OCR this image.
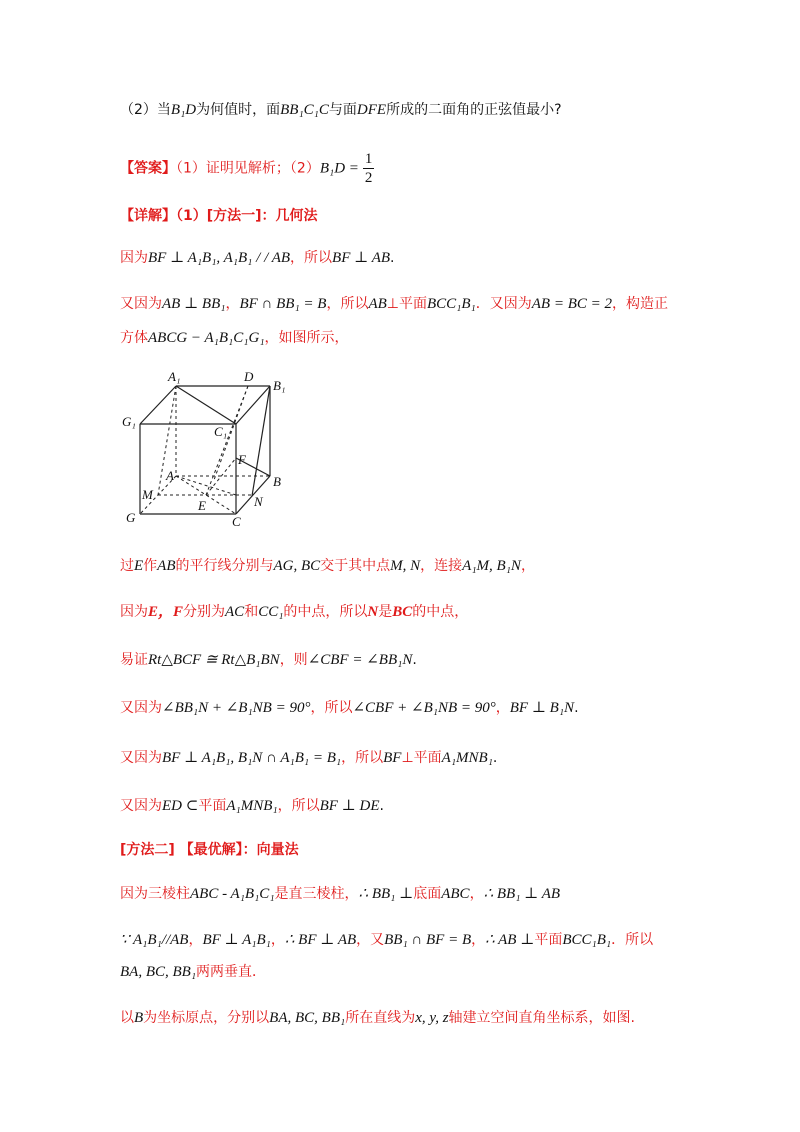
（2）当B₁D为何值时，面BB₁C₁C与面DFE所成的二面角的正弦值最小?
【答案】（1）证明见解析；$(2)B_1D = \frac{1}{2}$
【详解】（1）[方法一]：几何法
因为BF ⊥ A₁B₁, A₁B₁ / / AB，所以BF ⊥ AB.
又因为AB ⊥ BB₁，BF ∩ BB₁ = B，所以AB⊥平面BCC₁B₁．又因为AB = BC = 2，构造正
方体ABCG − A₁B₁C₁G₁，如图所示，
A₁	D
B₁
G₁
C₁
F
A	B
M
E	N
G	C
过E作AB的平行线分别与AG, BC交于其中点M, N，连接A₁M, B₁N，
因为E，F分别为AC和CC₁的中点，所以N是BC的中点，
易证Rt△BCF ≅ Rt△B₁BN，则∠CBF = ∠BB₁N.
又因为∠BB₁N + ∠B₁NB = 90°，所以∠CBF + ∠B₁NB = 90°，BF ⊥ B₁N.
又因为BF ⊥ A₁B₁, B₁N ∩ A₁B₁ = B₁，所以BF⊥平面A₁MNB₁.
又因为ED ⊂平面A₁MNB₁，所以BF ⊥ DE.
[方法二] 【最优解】：向量法
因为三棱柱ABC - A₁B₁C₁是直三棱柱，∴ BB₁ ⊥底面ABC，∴ BB₁ ⊥ AB
∵ A₁B₁//AB，BF ⊥ A₁B₁，∴ BF ⊥ AB，又BB₁ ∩ BF = B，∴ AB ⊥平面BCC₁B₁．所以
BA, BC, BB₁两两垂直．
以B为坐标原点，分别以BA, BC, BB₁所在直线为x, y, z轴建立空间直角坐标系，如图.
